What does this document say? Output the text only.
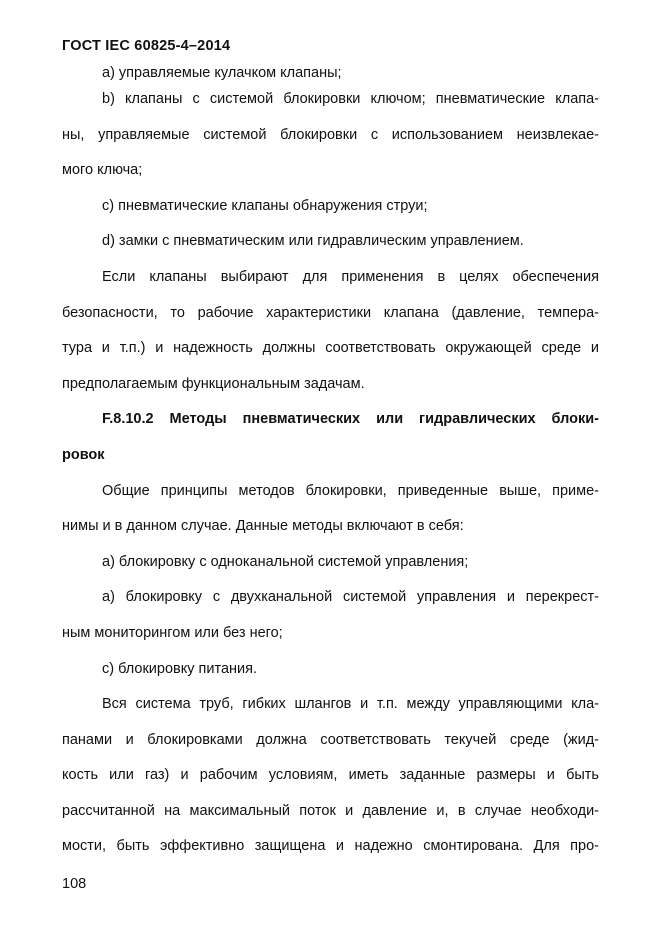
ГОСТ IEC 60825-4–2014
а) управляемые кулачком клапаны;
b) клапаны с системой блокировки ключом; пневматические клапа-
ны, управляемые системой блокировки с использованием неизвлекае-
мого ключа;
c) пневматические клапаны обнаружения струи;
d) замки с пневматическим или гидравлическим управлением.
Если клапаны выбирают для применения в целях обеспечения
безопасности, то рабочие характеристики клапана (давление, темпера-
тура и т.п.) и надежность должны соответствовать окружающей среде и
предполагаемым функциональным задачам.
F.8.10.2 Методы пневматических или гидравлических блоки-
ровок
Общие принципы методов блокировки, приведенные выше, приме-
нимы и в данном случае. Данные методы включают в себя:
а) блокировку с одноканальной системой управления;
а) блокировку с двухканальной системой управления и перекрест-
ным мониторингом или без него;
c) блокировку питания.
Вся система труб, гибких шлангов и т.п. между управляющими кла-
панами и блокировками должна соответствовать текучей среде (жид-
кость или газ) и рабочим условиям, иметь заданные размеры и быть
рассчитанной на максимальный поток и давление и, в случае необходи-
мости, быть эффективно защищена и надежно смонтирована. Для про-
108
